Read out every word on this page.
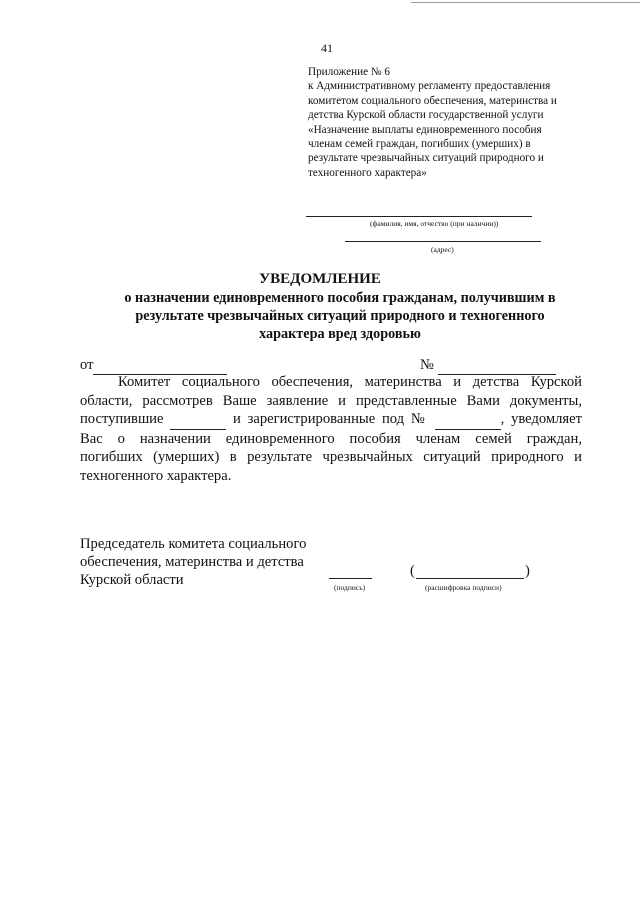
41
Приложение № 6
к Административному регламенту предоставления
комитетом социального обеспечения, материнства и
детства Курской области государственной услуги
«Назначение выплаты единовременного пособия
членам семей граждан, погибших (умерших) в
результате чрезвычайных ситуаций природного и
техногенного характера»
(фамилия, имя, отчество (при наличии))
(адрес)
УВЕДОМЛЕНИЕ
о назначении единовременного пособия гражданам, получившим в
результате чрезвычайных ситуаций природного и техногенного
характера вред здоровью
от	№
Комитет социального обеспечения, материнства и детства Курской
области, рассмотрев Ваше заявление и представленные Вами документы,
поступившие	и зарегистрированные под №	, уведомляет
Вас о назначении единовременного пособия членам семей граждан,
погибших (умерших) в результате чрезвычайных ситуаций природного и
техногенного характера.
Председатель комитета социального
обеспечения, материнства и детства
Курской области	(подпись)
(	)
(расшифровка подписи)
